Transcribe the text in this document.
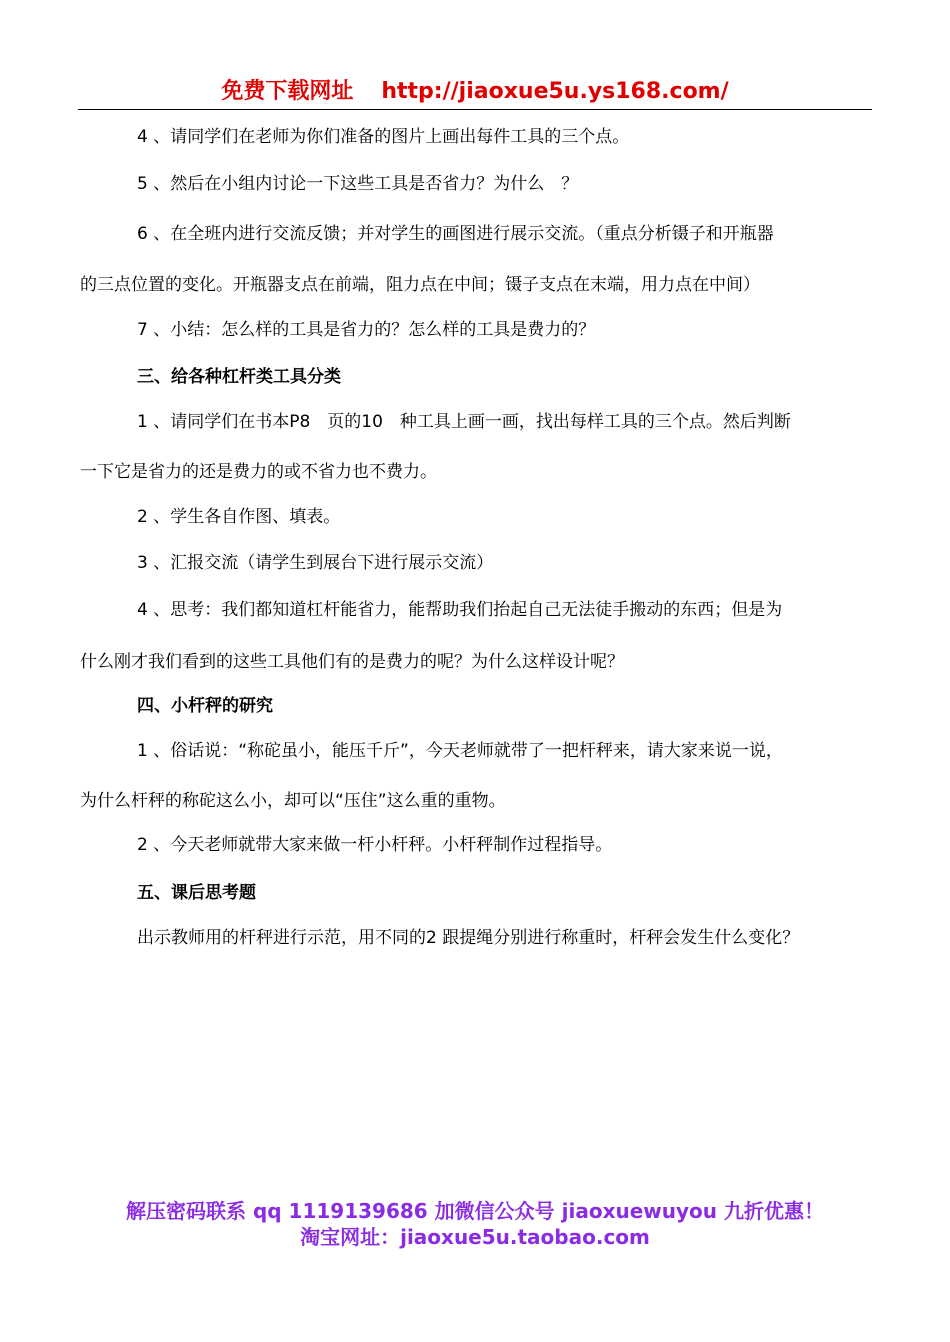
免费下载网址 http://jiaoxue5u.ys168.com/
4 、请同学们在老师为你们准备的图片上画出每件工具的三个点。
5 、然后在小组内讨论一下这些工具是否省力？为什么　？
6 、在全班内进行交流反馈；并对学生的画图进行展示交流。（重点分析镊子和开瓶器
的三点位置的变化。开瓶器支点在前端，阻力点在中间；镊子支点在末端，用力点在中间）
7 、小结：怎么样的工具是省力的？怎么样的工具是费力的？
三、给各种杠杆类工具分类
1 、请同学们在书本P8　页的10　种工具上画一画，找出每样工具的三个点。然后判断
一下它是省力的还是费力的或不省力也不费力。
2 、学生各自作图、填表。
3 、汇报交流（请学生到展台下进行展示交流）
4 、思考：我们都知道杠杆能省力，能帮助我们抬起自己无法徒手搬动的东西；但是为
什么刚才我们看到的这些工具他们有的是费力的呢？为什么这样设计呢？
四、小杆秤的研究
1 、俗话说：“称砣虽小，能压千斤”，今天老师就带了一把杆秤来，请大家来说一说，
为什么杆秤的称砣这么小，却可以“压住”这么重的重物。
2 、今天老师就带大家来做一杆小杆秤。小杆秤制作过程指导。
五、课后思考题
出示教师用的杆秤进行示范，用不同的2 跟提绳分别进行称重时，杆秤会发生什么变化？
解压密码联系 qq 1119139686 加微信公众号 jiaoxuewuyou 九折优惠！
淘宝网址：jiaoxue5u.taobao.com
